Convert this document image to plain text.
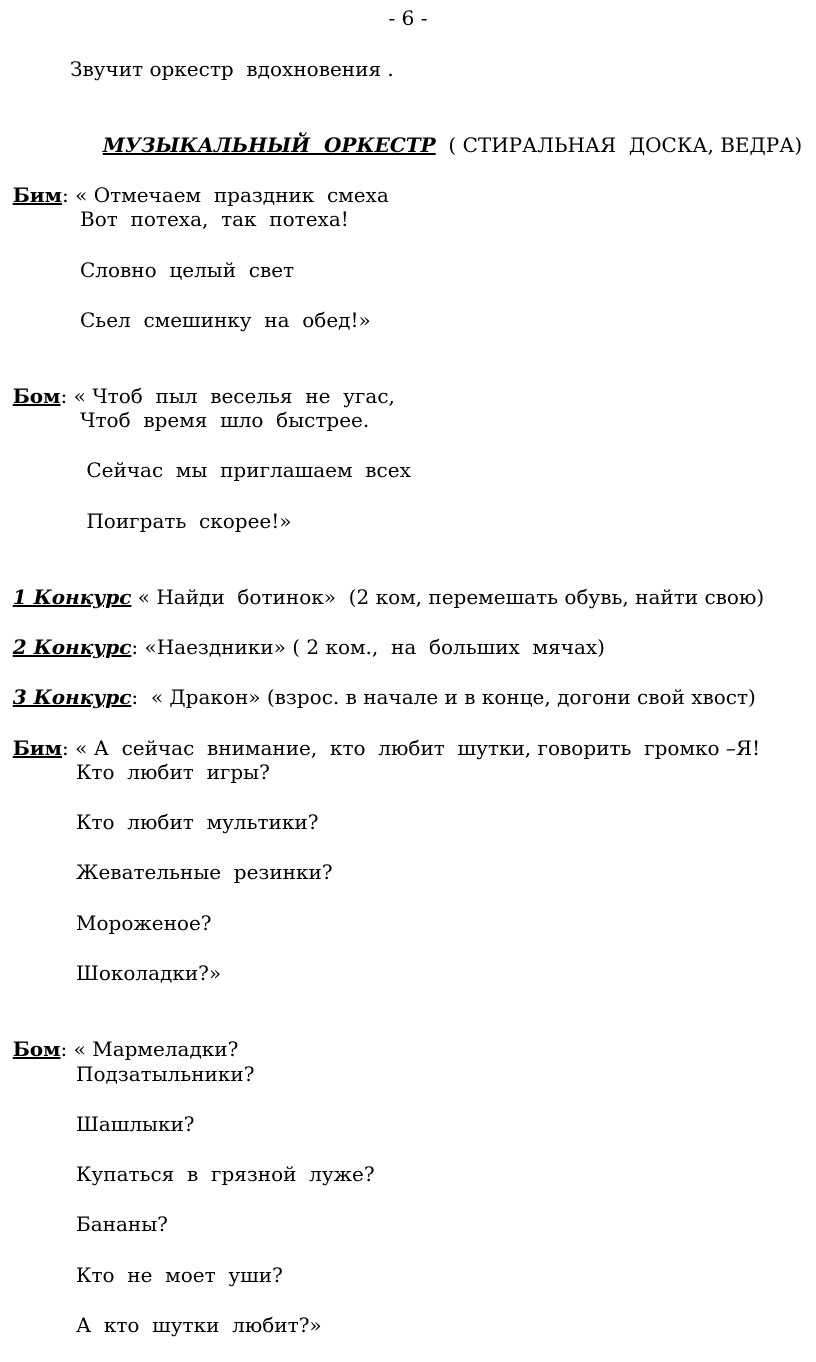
- 6 -
Звучит оркестр  вдохновения .

МУЗЫКАЛЬНЫЙ  ОРКЕСТР  ( СТИРАЛЬНАЯ  ДОСКА, ВЕДРА)

Бим: « Отмечаем  праздник  смеха

Вот  потеха,  так  потеха!
Словно  целый  свет
Сьел  смешинку  на  обед!»

Бом: « Чтоб  пыл  веселья  не  угас,

Чтоб  время  шло  быстрее.
Сейчас  мы  приглашаем  всех
Поиграть  скорее!»

1 Конкурс « Найди  ботинок»  (2 ком, перемешать обувь, найти свою)

2 Конкурс: «Наездники» ( 2 ком.,  на  больших  мячах)

3 Конкурс:  « Дракон» (взрос. в начале и в конце, догони свой хвост)

Бим: « А  сейчас  внимание,  кто  любит  шутки, говорить  громко –Я!

Кто  любит  игры?
Кто  любит  мультики?
Жевательные  резинки?
Мороженое?
Шоколадки?»

Бом: « Мармеладки?

Подзатыльники?
Шашлыки?
Купаться  в  грязной  луже?
Бананы?
Кто  не  моет  уши?
А  кто  шутки  любит?»
